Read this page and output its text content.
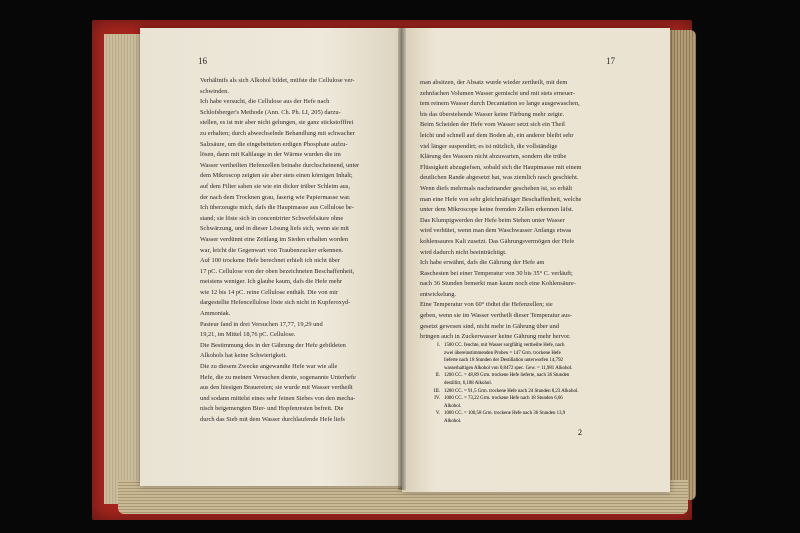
16	17
Verhältnifs als sich Alkohol bildet, müfste die Cellulose ver-
schwinden.
Ich habe versucht, die Cellulose aus der Hefe nach
Schlofsberger's Methode (Ann. Ch. Ph. LI, 205) darzu-
stellen, es ist mir aber nicht gelungen, sie ganz stickstofffrei
zu erhalten; durch abwechselnde Behandlung mit schwacher
Salzsäure, um die eingebetteten erdigen Phosphate aufzu-
lösen, dann mit Kalilauge in der Wärme wurden die im
Wasser vertheilten Hefenzellen beinahe durchscheinend, unter
dem Mikroscop zeigten sie aber stets einen körnigen Inhalt;
auf dem Filter sahen sie wie ein dicker trüber Schleim aus,
der nach dem Trocknen grau, faserig wie Papiermasse war.
Ich überzeugte mich, dafs die Hauptmasse aus Cellulose be-
stand; sie löste sich in concentrirter Schwefelsäure ohne
Schwärzung, und in dieser Lösung liefs sich, wenn sie mit
Wasser verdünnt eine Zeitlang im Sieden erhalten worden
war, leicht die Gegenwart von Traubenzucker erkennen.
Auf 100 trockene Hefe berechnet erhielt ich nicht über
17 pC. Cellulose von der oben bezeichneten Beschaffenheit,
meistens weniger. Ich glaube kaum, dafs die Hefe mehr
wie 12 bis 14 pC. reine Cellulose enthält. Die von mir
dargestellte Hefencellulose löste sich nicht in Kupferoxyd-
Ammoniak.
Pasteur fand in drei Versuchen 17,77, 19,29 und
19,21, im Mittel 18,76 pC. Cellulose.
Die Bestimmung des in der Gährung der Hefe gebildeten
Alkohols hat keine Schwierigkeit.
Die zu diesem Zwecke angewandte Hefe war wie alle
Hefe, die zu meinen Versuchen diente, sogenannte Unterhefe
aus den hiesigen Brauereien; sie wurde mit Wasser vertheilt
und sodann mittelst eines sehr feinen Siebes von den mecha-
nisch beigemengten Bier- und Hopfenresten befreit. Die
durch das Sieb mit dem Wasser durchlaufende Hefe liefs
man absitzen, der Absatz wurde wieder zertheilt, mit dem
zehnfachen Volumen Wasser gemischt und mit stets erneuer-
tem reinem Wasser durch Decantation so lange ausgewaschen,
bis das überstehende Wasser keine Färbung mehr zeigte.
Beim Scheiden der Hefe vom Wasser setzt sich ein Theil
leicht und schnell auf dem Boden ab, ein anderer bleibt sehr
viel länger suspendirt; es ist nützlich, die vollständige
Klärung des Wassers nicht abzuwarten, sondern die trübe
Flüssigkeit abzugiefsen, sobald sich die Hauptmasse mit einem
deutlichen Rande abgesetzt hat, was ziemlich rasch geschieht.
Wenn diefs mehrmals nacheinander geschehen ist, so erhält
man eine Hefe von sehr gleichmäfsiger Beschaffenheit, welche
unter dem Mikroscope keine fremden Zellen erkennen läfst.
Das Klumpigwerden der Hefe beim Stehen unter Wasser
wird verhütet, wenn man dem Waschwasser Anfangs etwas
kohlensaures Kali zusetzt. Das Gährungsvermögen der Hefe
wird dadurch nicht beeinträchtigt.
Ich habe erwähnt, dafs die Gährung der Hefe am
Raschesten bei einer Temperatur von 30 bis 35° C. verläuft;
nach 36 Stunden bemerkt man kaum noch eine Kohlensäure-
entwickelung.
Eine Temperatur von 60° tödtet die Hefenzellen; sie
geben, wenn sie im Wasser vertheilt dieser Temperatur aus-
gesetzt gewesen sind, nicht mehr in Gährung über und
bringen auch in Zuckerwasser keine Gährung mehr hervor.
I. 1500 CC. feuchte, mit Wasser sorgfältig vertheilte Hefe, nach
zwei übereinstimmenden Proben = 147 Grm. trockene Hefe
lieferte nach 18 Stunden der Destillation unterworfen 14,792
wasserhaltigen Alkohol von 0,8472 spec. Gew. = 11,981 Alkohol.
II. 1200 CC. = 48,89 Grm. trockene Hefe lieferte, nach 36 Stunden
destillirt, 6,188 Alkohol.
III. 1200 CC. = 91,5 Grm. trockene Hefe nach 24 Stunden 8,23 Alkohol.
IV. 1000 CC. = 73,22 Grm. trockene Hefe nach 18 Stunden 6,66
Alkohol.
V. 1000 CC. = 100,58 Grm. trockene Hefe nach 36 Stunden 13,9
Alkohol.
2
